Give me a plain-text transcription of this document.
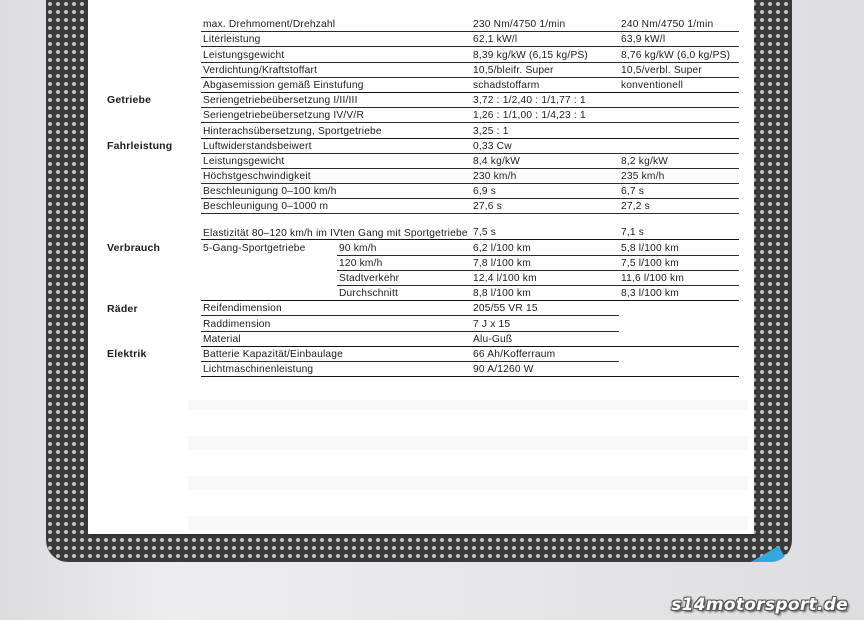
	max. Drehmoment/Drehzahl		230 Nm/4750 1/min	240 Nm/4750 1/min
	Literleistung		62,1 kW/l	63,9 kW/l
	Leistungsgewicht		8,39 kg/kW (6,15 kg/PS)	8,76 kg/kW (6,0 kg/PS)
	Verdichtung/Kraftstoffart		10,5/bleifr. Super	10,5/verbl. Super
	Abgasemission gemäß Einstufung		schadstoffarm	konventionell
Getriebe	Seriengetriebeübersetzung I/II/III		3,72 : 1/2,40 : 1/1,77 : 1	
	Seriengetriebeübersetzung IV/V/R		1,26 : 1/1,00 : 1/4,23 : 1	
	Hinterachsübersetzung, Sportgetriebe		3,25 : 1	
Fahrleistung	Luftwiderstandsbeiwert		0,33 Cw	
	Leistungsgewicht		8,4 kg/kW	8,2 kg/kW
	Höchstgeschwindigkeit		230 km/h	235 km/h
	Beschleunigung 0–100 km/h		6,9 s	6,7 s
	Beschleunigung 0–1000 m		27,6 s	27,2 s
	Elastizität 80–120 km/h im IVten Gang mit Sportgetriebe		7,5 s	7,1 s
Verbrauch	5-Gang-Sportgetriebe	90 km/h	6,2 l/100 km	5,8 l/100 km
		120 km/h	7,8 l/100 km	7,5 l/100 km
		Stadtverkehr	12,4 l/100 km	11,6 l/100 km
		Durchschnitt	8,8 l/100 km	8,3 l/100 km
Räder	Reifendimension		205/55 VR 15	
	Raddimension		7 J x 15	
	Material		Alu-Guß	
Elektrik	Batterie Kapazität/Einbaulage		66 Ah/Kofferraum	
	Lichtmaschinenleistung		90 A/1260 W	
s14motorsport.de
